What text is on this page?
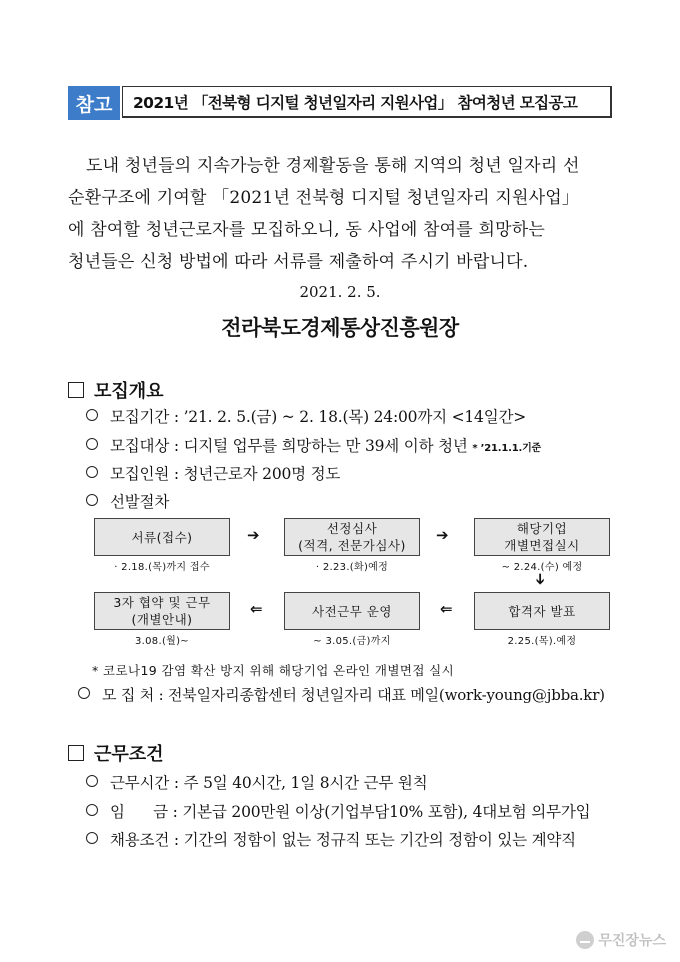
참고	2021년 「전북형 디지털 청년일자리 지원사업」 참여청년 모집공고

도내 청년들의 지속가능한 경제활동을 통해 지역의 청년 일자리 선

순환구조에 기여할 「2021년 전북형 디지털 청년일자리 지원사업」

에 참여할 청년근로자를 모집하오니, 동 사업에 참여를 희망하는

청년들은 신청 방법에 따라 서류를 제출하여 주시기 바랍니다.

2021. 2. 5.
전라북도경제통상진흥원장
모집개요
모집기간 : ’21. 2. 5.(금) ~ 2. 18.(목) 24:00까지 <14일간>
모집대상 : 디지털 업무를 희망하는 만 39세 이하 청년 * ’21.1.1.기준
모집인원 : 청년근로자 200명 정도
선발절차
서류(접수)
· 2.18.(목)까지 접수
➔	선정심사
(적격, 전문가심사)
· 2.23.(화)예정
➔	해당기업
개별면접실시
~ 2.24.(수) 예정
➔
합격자 발표
2.25.(목).예정
⇐
사전근무 운영
~ 3.05.(금)까지
⇐
3자 협약 및 근무
(개별안내)
3.08.(월)~
* 코로나19 감염 확산 방지 위해 해당기업 온라인 개별면접 실시
모 집 처 : 전북일자리종합센터 청년일자리 대표 메일(work-young@jbba.kr)
근무조건
근무시간 : 주 5일 40시간, 1일 8시간 근무 원칙
임      금 : 기본급 200만원 이상(기업부담10% 포함), 4대보험 의무가입
채용조건 : 기간의 정함이 없는 정규직 또는 기간의 정함이 있는 계약직
무진장뉴스
